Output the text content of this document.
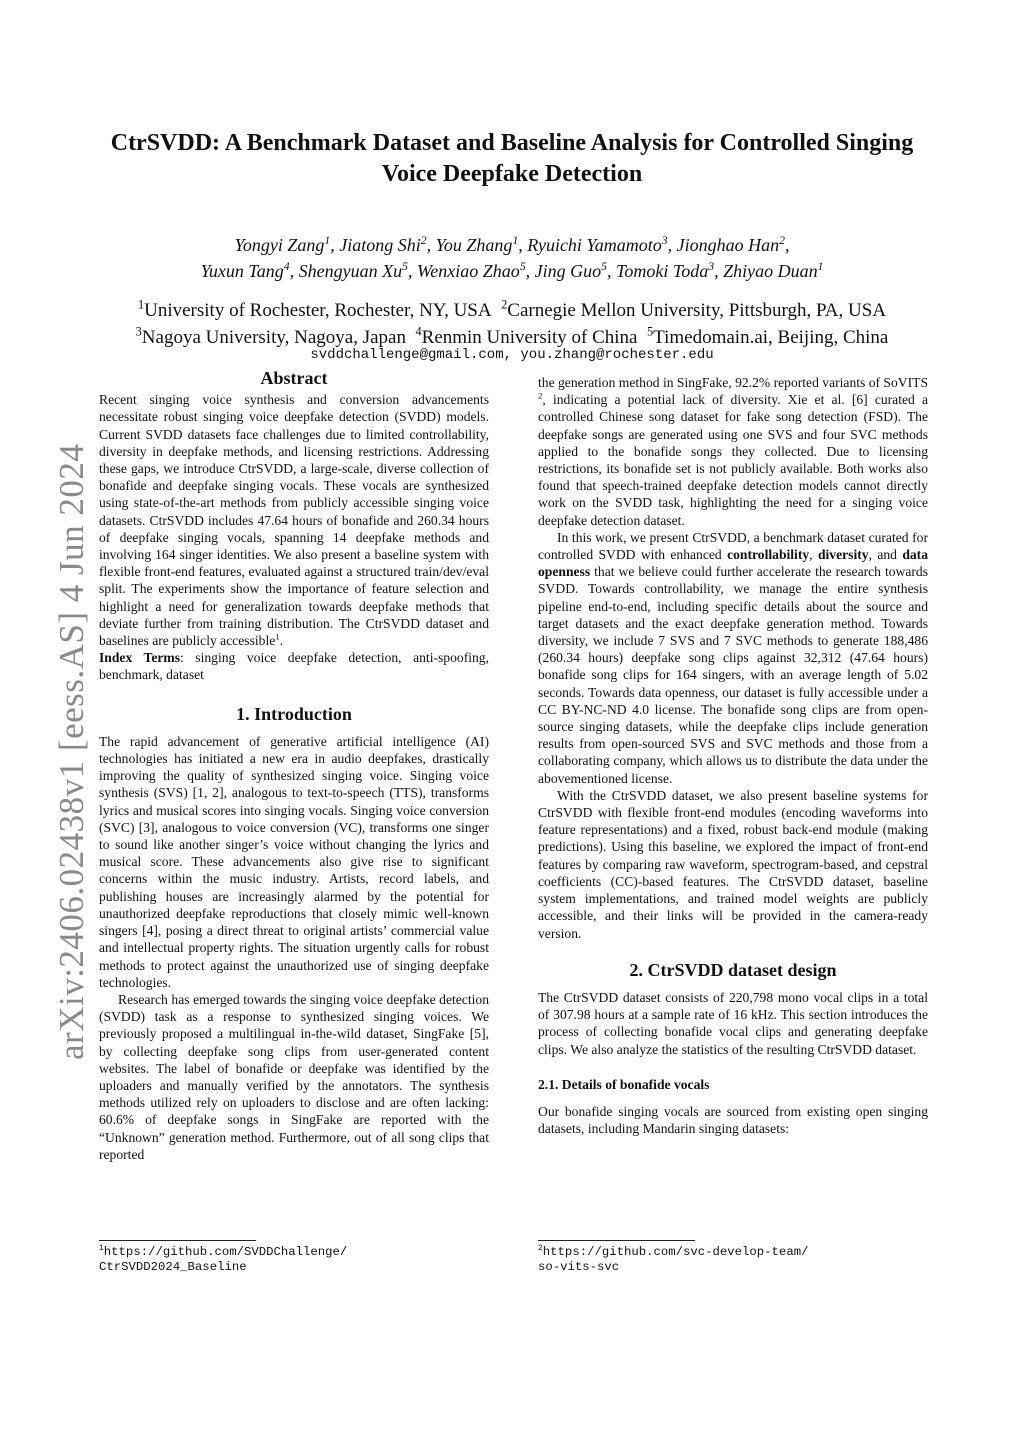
arXiv:2406.02438v1 [eess.AS] 4 Jun 2024
CtrSVDD: A Benchmark Dataset and Baseline Analysis for Controlled Singing
Voice Deepfake Detection
Yongyi Zang$^1$, Jiatong Shi$^2$, You Zhang$^1$, Ryuichi Yamamoto$^3$, Jionghao Han$^2$,
Yuxun Tang$^4$, Shengyuan Xu$^5$, Wenxiao Zhao$^5$, Jing Guo$^5$, Tomoki Toda$^3$, Zhiyao Duan$^1$
$^1$University of Rochester, Rochester, NY, USA $^2$Carnegie Mellon University, Pittsburgh, PA, USA
$^3$Nagoya University, Nagoya, Japan $^4$Renmin University of China $^5$Timedomain.ai, Beijing, China
svddchallenge@gmail.com, you.zhang@rochester.edu
Abstract

Recent singing voice synthesis and conversion advancements necessitate robust singing voice deepfake detection (SVDD) models. Current SVDD datasets face challenges due to limited controllability, diversity in deepfake methods, and licensing restrictions. Addressing these gaps, we introduce CtrSVDD, a large-scale, diverse collection of bonafide and deepfake singing vocals. These vocals are synthesized using state-of-the-art methods from publicly accessible singing voice datasets. CtrSVDD includes 47.64 hours of bonafide and 260.34 hours of deepfake singing vocals, spanning 14 deepfake methods and involving 164 singer identities. We also present a baseline system with flexible front-end features, evaluated against a structured train/dev/eval split. The experiments show the importance of feature selection and highlight a need for generalization towards deepfake methods that deviate further from training distribution. The CtrSVDD dataset and baselines are publicly accessible$^1$.

Index Terms: singing voice deepfake detection, anti-spoofing, benchmark, dataset

1. Introduction

The rapid advancement of generative artificial intelligence (AI) technologies has initiated a new era in audio deepfakes, drastically improving the quality of synthesized singing voice. Singing voice synthesis (SVS) [1, 2], analogous to text-to-speech (TTS), transforms lyrics and musical scores into singing vocals. Singing voice conversion (SVC) [3], analogous to voice conversion (VC), transforms one singer to sound like another singer’s voice without changing the lyrics and musical score. These advancements also give rise to significant concerns within the music industry. Artists, record labels, and publishing houses are increasingly alarmed by the potential for unauthorized deepfake reproductions that closely mimic well-known singers [4], posing a direct threat to original artists’ commercial value and intellectual property rights. The situation urgently calls for robust methods to protect against the unauthorized use of singing deepfake technologies.

Research has emerged towards the singing voice deepfake detection (SVDD) task as a response to synthesized singing voices. We previously proposed a multilingual in-the-wild dataset, SingFake [5], by collecting deepfake song clips from user-generated content websites. The label of bonafide or deepfake was identified by the uploaders and manually verified by the annotators. The synthesis methods utilized rely on uploaders to disclose and are often lacking: 60.6% of deepfake songs in SingFake are reported with the “Unknown” generation method. Furthermore, out of all song clips that reported

the generation method in SingFake, 92.2% reported variants of SoVITS $^2$, indicating a potential lack of diversity. Xie et al. [6] curated a controlled Chinese song dataset for fake song detection (FSD). The deepfake songs are generated using one SVS and four SVC methods applied to the bonafide songs they collected. Due to licensing restrictions, its bonafide set is not publicly available. Both works also found that speech-trained deepfake detection models cannot directly work on the SVDD task, highlighting the need for a singing voice deepfake detection dataset.

In this work, we present CtrSVDD, a benchmark dataset curated for controlled SVDD with enhanced controllability, diversity, and data openness that we believe could further accelerate the research towards SVDD. Towards controllability, we manage the entire synthesis pipeline end-to-end, including specific details about the source and target datasets and the exact deepfake generation method. Towards diversity, we include 7 SVS and 7 SVC methods to generate 188,486 (260.34 hours) deepfake song clips against 32,312 (47.64 hours) bonafide song clips for 164 singers, with an average length of 5.02 seconds. Towards data openness, our dataset is fully accessible under a CC BY-NC-ND 4.0 license. The bonafide song clips are from open-source singing datasets, while the deepfake clips include generation results from open-sourced SVS and SVC methods and those from a collaborating company, which allows us to distribute the data under the abovementioned license.

With the CtrSVDD dataset, we also present baseline systems for CtrSVDD with flexible front-end modules (encoding waveforms into feature representations) and a fixed, robust back-end module (making predictions). Using this baseline, we explored the impact of front-end features by comparing raw waveform, spectrogram-based, and cepstral coefficients (CC)-based features. The CtrSVDD dataset, baseline system implementations, and trained model weights are publicly accessible, and their links will be provided in the camera-ready version.

2. CtrSVDD dataset design

The CtrSVDD dataset consists of 220,798 mono vocal clips in a total of 307.98 hours at a sample rate of 16 kHz. This section introduces the process of collecting bonafide vocal clips and generating deepfake clips. We also analyze the statistics of the resulting CtrSVDD dataset.

2.1. Details of bonafide vocals

Our bonafide singing vocals are sourced from existing open singing datasets, including Mandarin singing datasets:

$^1$https://github.com/SVDDChallenge/
CtrSVDD2024_Baseline
$^2$https://github.com/svc-develop-team/
so-vits-svc
